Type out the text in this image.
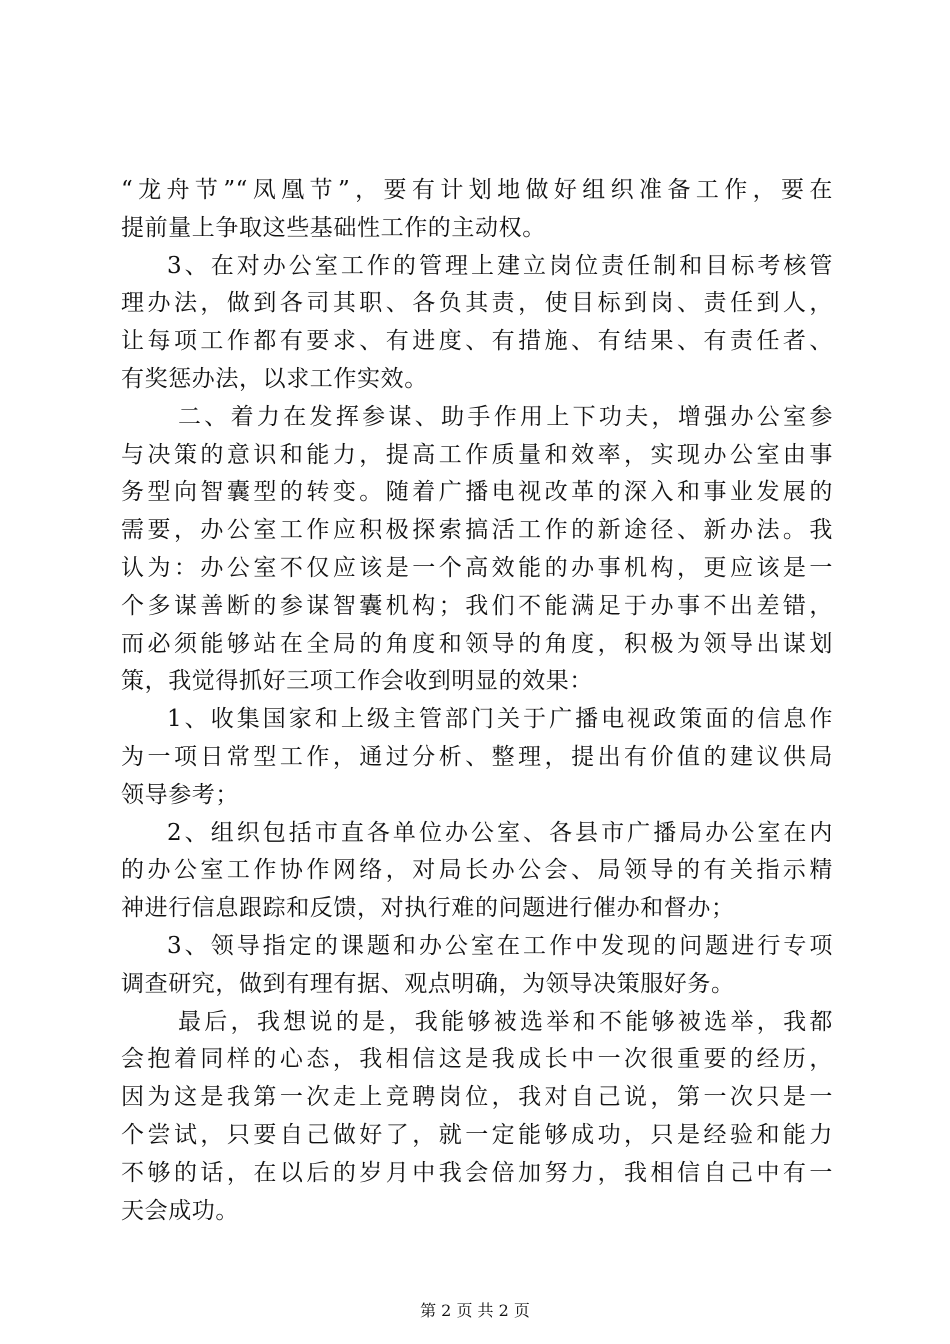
“龙舟节”“凤凰节”，要有计划地做好组织准备工作，要在
提前量上争取这些基础性工作的主动权。
3、在对办公室工作的管理上建立岗位责任制和目标考核管
理办法，做到各司其职、各负其责，使目标到岗、责任到人，
让每项工作都有要求、有进度、有措施、有结果、有责任者、
有奖惩办法，以求工作实效。
二、着力在发挥参谋、助手作用上下功夫，增强办公室参
与决策的意识和能力，提高工作质量和效率，实现办公室由事
务型向智囊型的转变。随着广播电视改革的深入和事业发展的
需要，办公室工作应积极探索搞活工作的新途径、新办法。我
认为：办公室不仅应该是一个高效能的办事机构，更应该是一
个多谋善断的参谋智囊机构；我们不能满足于办事不出差错，
而必须能够站在全局的角度和领导的角度，积极为领导出谋划
策，我觉得抓好三项工作会收到明显的效果：
1、收集国家和上级主管部门关于广播电视政策面的信息作
为一项日常型工作，通过分析、整理，提出有价值的建议供局
领导参考；
2、组织包括市直各单位办公室、各县市广播局办公室在内
的办公室工作协作网络，对局长办公会、局领导的有关指示精
神进行信息跟踪和反馈，对执行难的问题进行催办和督办；
3、领导指定的课题和办公室在工作中发现的问题进行专项
调查研究，做到有理有据、观点明确，为领导决策服好务。
最后，我想说的是，我能够被选举和不能够被选举，我都
会抱着同样的心态，我相信这是我成长中一次很重要的经历，
因为这是我第一次走上竞聘岗位，我对自己说，第一次只是一
个尝试，只要自己做好了，就一定能够成功，只是经验和能力
不够的话，在以后的岁月中我会倍加努力，我相信自己中有一
天会成功。
第 2 页 共 2 页
